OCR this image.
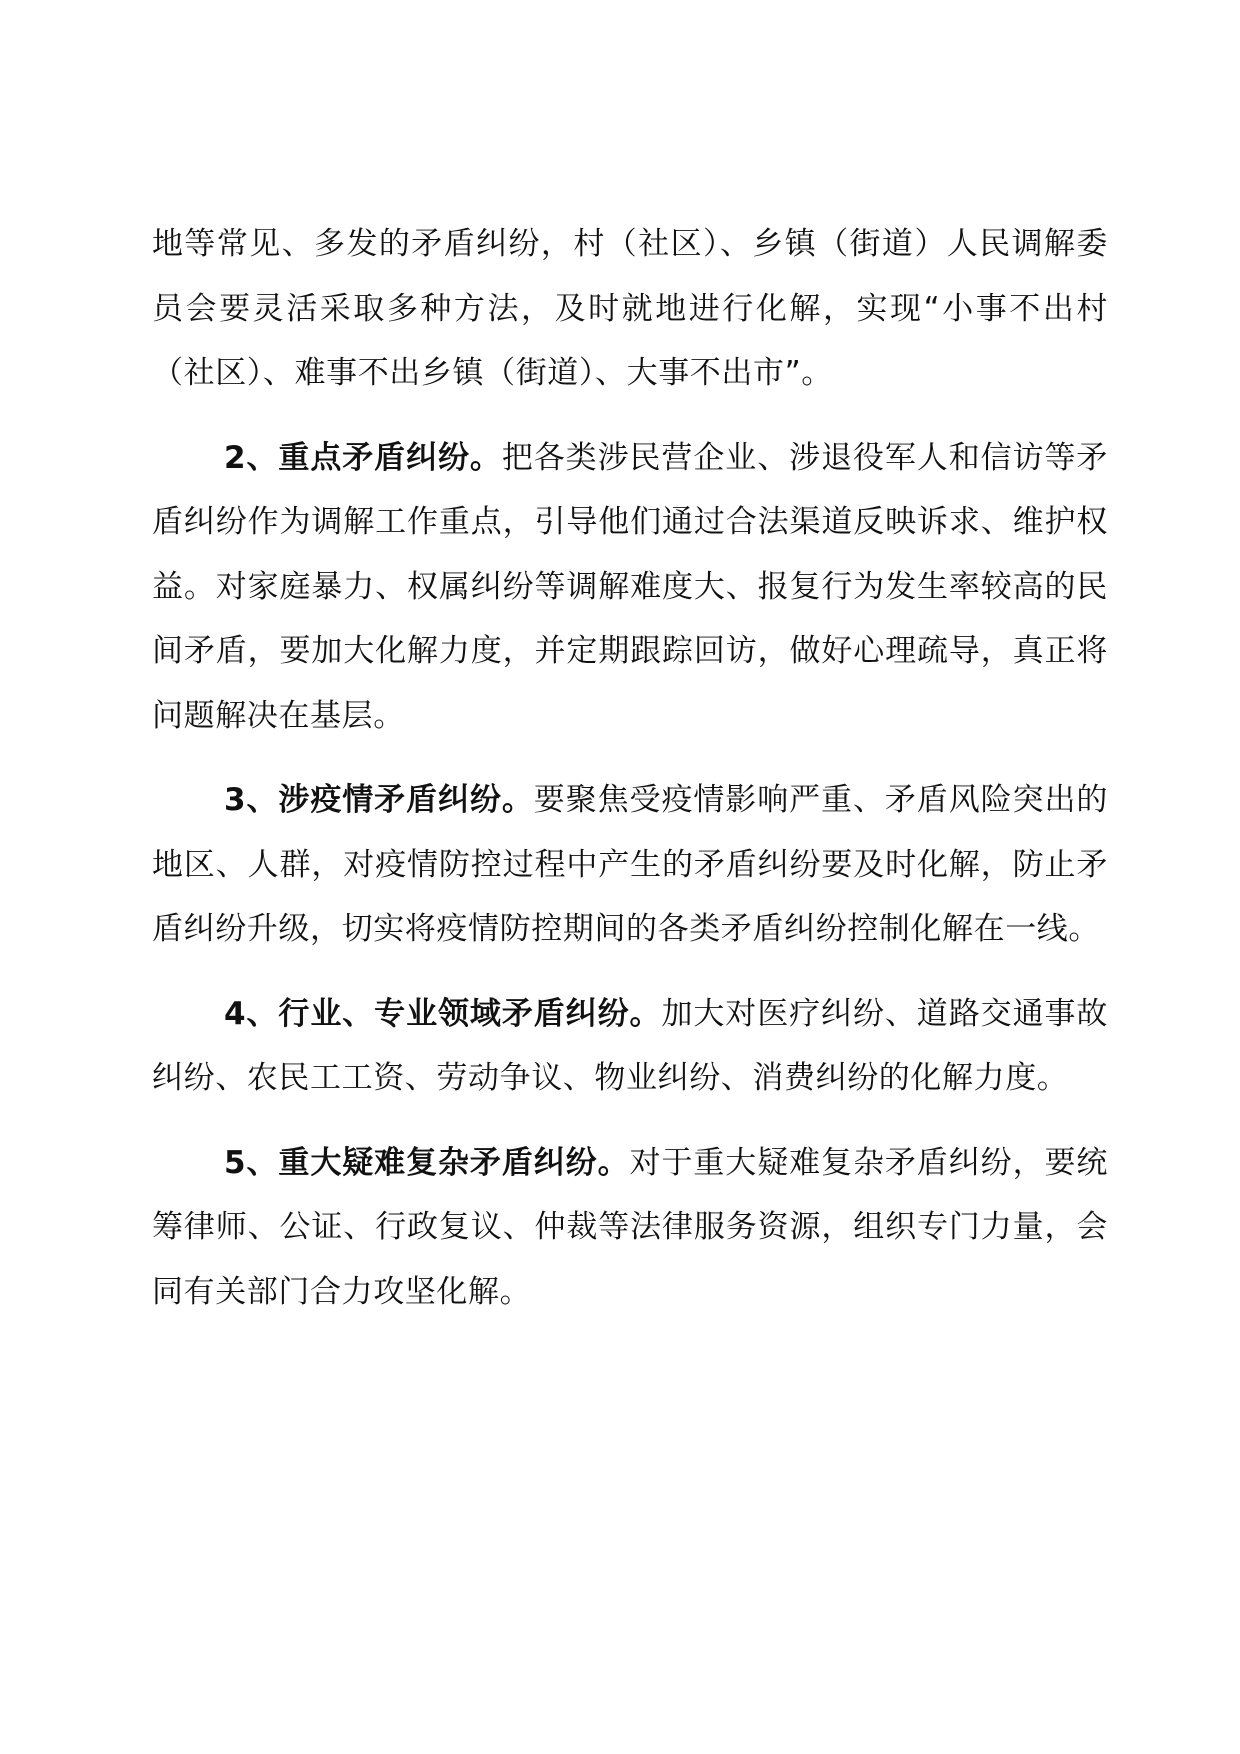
地等常见、多发的矛盾纠纷，村（社区）、乡镇（街道）人民调解委员会要灵活采取多种方法，及时就地进行化解，实现“小事不出村（社区）、难事不出乡镇（街道）、大事不出市”。

2、重点矛盾纠纷。把各类涉民营企业、涉退役军人和信访等矛盾纠纷作为调解工作重点，引导他们通过合法渠道反映诉求、维护权益。对家庭暴力、权属纠纷等调解难度大、报复行为发生率较高的民间矛盾，要加大化解力度，并定期跟踪回访，做好心理疏导，真正将问题解决在基层。

3、涉疫情矛盾纠纷。要聚焦受疫情影响严重、矛盾风险突出的地区、人群，对疫情防控过程中产生的矛盾纠纷要及时化解，防止矛盾纠纷升级，切实将疫情防控期间的各类矛盾纠纷控制化解在一线。

4、行业、专业领域矛盾纠纷。加大对医疗纠纷、道路交通事故纠纷、农民工工资、劳动争议、物业纠纷、消费纠纷的化解力度。

5、重大疑难复杂矛盾纠纷。对于重大疑难复杂矛盾纠纷，要统筹律师、公证、行政复议、仲裁等法律服务资源，组织专门力量，会同有关部门合力攻坚化解。
